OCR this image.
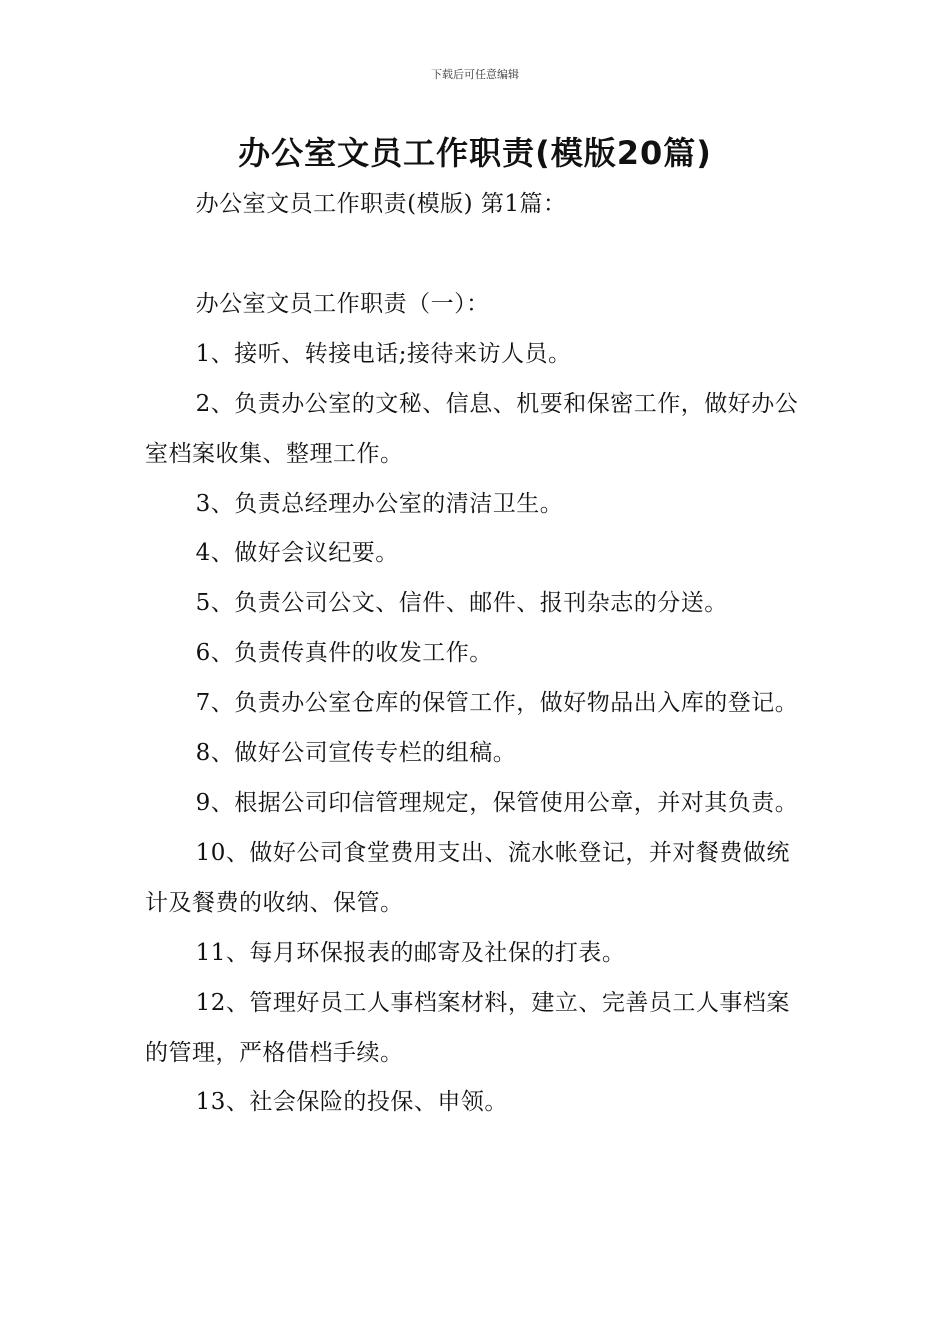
下载后可任意编辑
办公室文员工作职责(模版20篇)

办公室文员工作职责(模版) 第1篇：

办公室文员工作职责（一）：

1、接听、转接电话;接待来访人员。

2、负责办公室的文秘、信息、机要和保密工作，做好办公室档案收集、整理工作。

3、负责总经理办公室的清洁卫生。

4、做好会议纪要。

5、负责公司公文、信件、邮件、报刊杂志的分送。

6、负责传真件的收发工作。

7、负责办公室仓库的保管工作，做好物品出入库的登记。

8、做好公司宣传专栏的组稿。

9、根据公司印信管理规定，保管使用公章，并对其负责。

10、做好公司食堂费用支出、流水帐登记，并对餐费做统计及餐费的收纳、保管。

11、每月环保报表的邮寄及社保的打表。

12、管理好员工人事档案材料，建立、完善员工人事档案的管理，严格借档手续。

13、社会保险的投保、申领。
